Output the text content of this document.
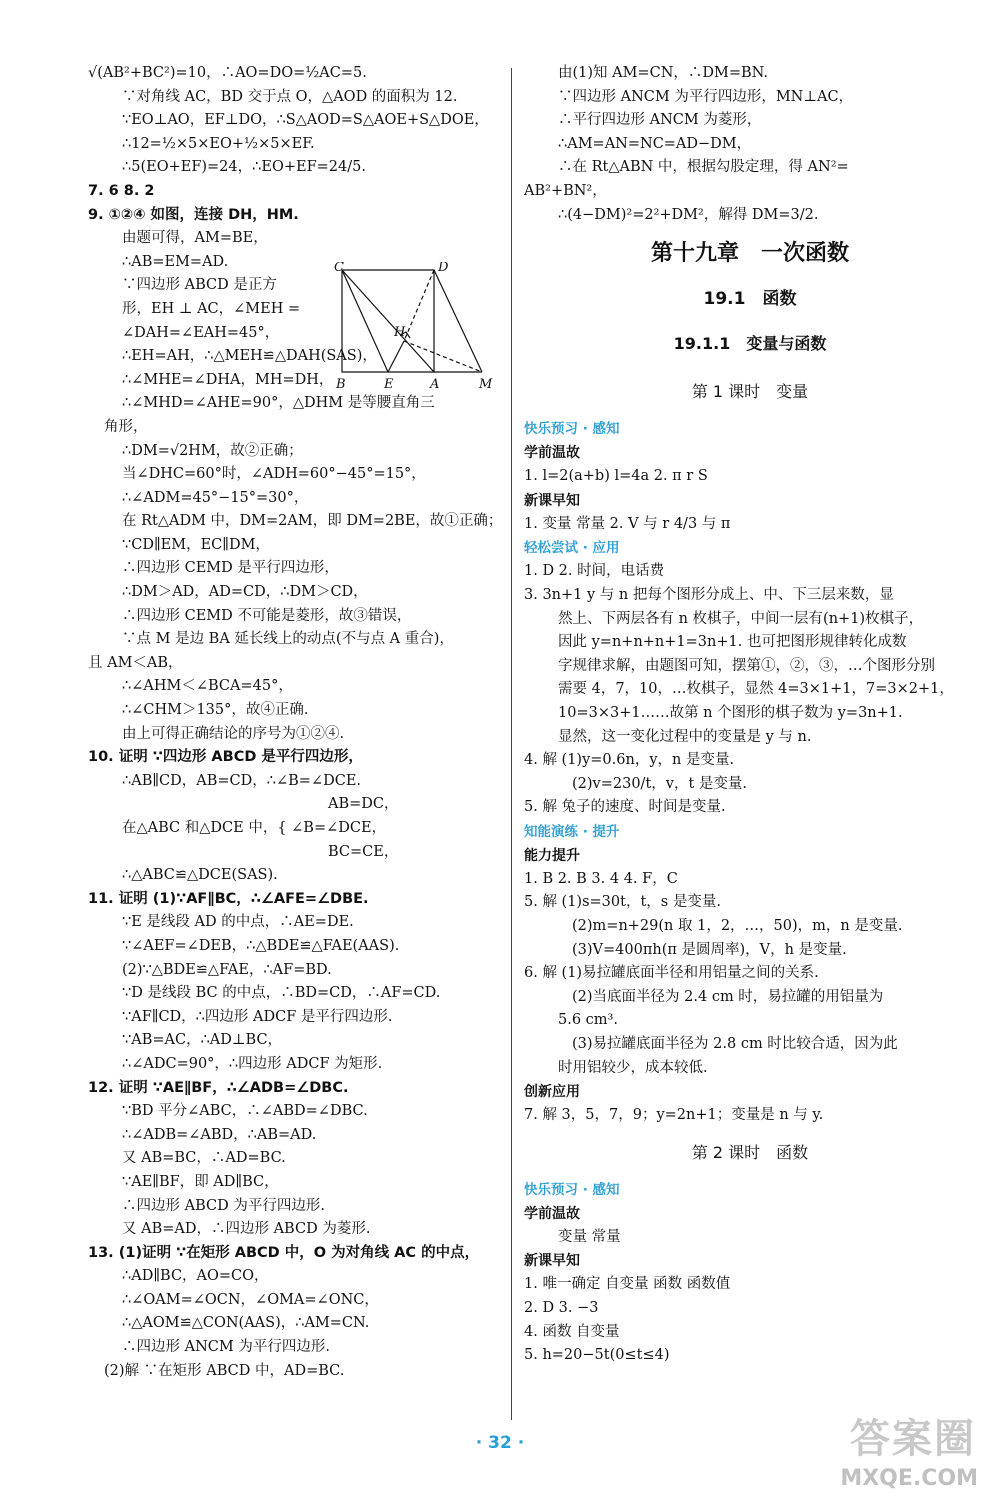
√(AB²+BC²)=10，∴AO=DO=½AC=5.
∵对角线 AC，BD 交于点 O，△AOD 的面积为 12.
∵EO⊥AO，EF⊥DO，∴S△AOD=S△AOE+S△DOE，
∴12=½×5×EO+½×5×EF.
∴5(EO+EF)=24，∴EO+EF=24/5.
7. 6 8. 2
9. ①②④ 如图，连接 DH，HM.
由题可得，AM=BE，
∴AB=EM=AD.
∵四边形 ABCD 是正方
形，EH ⊥ AC，∠MEH =
∠DAH=∠EAH=45°，
∴EH=AH，∴△MEH≌△DAH(SAS)，
∴∠MHE=∠DHA，MH=DH，
∴∠MHD=∠AHE=90°，△DHM 是等腰直角三
角形，
∴DM=√2HM，故②正确；
当∠DHC=60°时，∠ADH=60°−45°=15°，
∴∠ADM=45°−15°=30°，
在 Rt△ADM 中，DM=2AM，即 DM=2BE，故①正确；
∵CD∥EM，EC∥DM，
∴四边形 CEMD 是平行四边形，
∴DM＞AD，AD=CD，∴DM＞CD，
∴四边形 CEMD 不可能是菱形，故③错误，
∵点 M 是边 BA 延长线上的动点(不与点 A 重合)，
且 AM＜AB，
∴∠AHM＜∠BCA=45°，
∴∠CHM＞135°，故④正确.
由上可得正确结论的序号为①②④.
10. 证明 ∵四边形 ABCD 是平行四边形，
∴AB∥CD，AB=CD，∴∠B=∠DCE.
AB=DC，
在△ABC 和△DCE 中，{ ∠B=∠DCE，
BC=CE，
∴△ABC≌△DCE(SAS).
11. 证明 (1)∵AF∥BC，∴∠AFE=∠DBE.
∵E 是线段 AD 的中点，∴AE=DE.
∵∠AEF=∠DEB，∴△BDE≌△FAE(AAS).
(2)∵△BDE≌△FAE，∴AF=BD.
∵D 是线段 BC 的中点，∴BD=CD，∴AF=CD.
∵AF∥CD，∴四边形 ADCF 是平行四边形.
∵AB=AC，∴AD⊥BC，
∴∠ADC=90°，∴四边形 ADCF 为矩形.
12. 证明 ∵AE∥BF，∴∠ADB=∠DBC.
∵BD 平分∠ABC，∴∠ABD=∠DBC.
∴∠ADB=∠ABD，∴AB=AD.
又 AB=BC，∴AD=BC.
∵AE∥BF，即 AD∥BC，
∴四边形 ABCD 为平行四边形.
又 AB=AD，∴四边形 ABCD 为菱形.
13. (1)证明 ∵在矩形 ABCD 中，O 为对角线 AC 的中点，
∴AD∥BC，AO=CO，
∴∠OAM=∠OCN，∠OMA=∠ONC，
∴△AOM≌△CON(AAS)，∴AM=CN.
∴四边形 ANCM 为平行四边形.
(2)解 ∵在矩形 ABCD 中，AD=BC.
C	D
B	E	A	M
H
由(1)知 AM=CN，∴DM=BN.
∵四边形 ANCM 为平行四边形，MN⊥AC，
∴平行四边形 ANCM 为菱形，
∴AM=AN=NC=AD−DM，
∴在 Rt△ABN 中，根据勾股定理，得 AN²=
AB²+BN²，
∴(4−DM)²=2²+DM²，解得 DM=3/2.
第十九章　一次函数
19.1　函数
19.1.1　变量与函数
第 1 课时　变量
快乐预习 · 感知
学前温故
1. l=2(a+b) l=4a 2. π r S
新课早知
1. 变量 常量 2. V 与 r 4/3 与 π
轻松尝试 · 应用
1. D 2. 时间，电话费
3. 3n+1 y 与 n 把每个图形分成上、中、下三层来数，显
然上、下两层各有 n 枚棋子，中间一层有(n+1)枚棋子，
因此 y=n+n+n+1=3n+1. 也可把图形规律转化成数
字规律求解，由题图可知，摆第①，②，③，…个图形分别
需要 4，7，10，…枚棋子，显然 4=3×1+1，7=3×2+1，
10=3×3+1……故第 n 个图形的棋子数为 y=3n+1.
显然，这一变化过程中的变量是 y 与 n.
4. 解 (1)y=0.6n，y，n 是变量.
(2)v=230/t，v，t 是变量.
5. 解 兔子的速度、时间是变量.
知能演练 · 提升
能力提升
1. B 2. B 3. 4 4. F，C
5. 解 (1)s=30t，t，s 是变量.
(2)m=n+29(n 取 1，2，…，50)，m，n 是变量.
(3)V=400πh(π 是圆周率)，V，h 是变量.
6. 解 (1)易拉罐底面半径和用铝量之间的关系.
(2)当底面半径为 2.4 cm 时，易拉罐的用铝量为
5.6 cm³.
(3)易拉罐底面半径为 2.8 cm 时比较合适，因为此
时用铝较少，成本较低.
创新应用
7. 解 3，5，7，9；y=2n+1；变量是 n 与 y.
第 2 课时　函数
快乐预习 · 感知
学前温故
变量 常量
新课早知
1. 唯一确定 自变量 函数 函数值
2. D 3. −3
4. 函数 自变量
5. h=20−5t(0≤t≤4)
· 32 ·	答案圈
MXQE.COM
